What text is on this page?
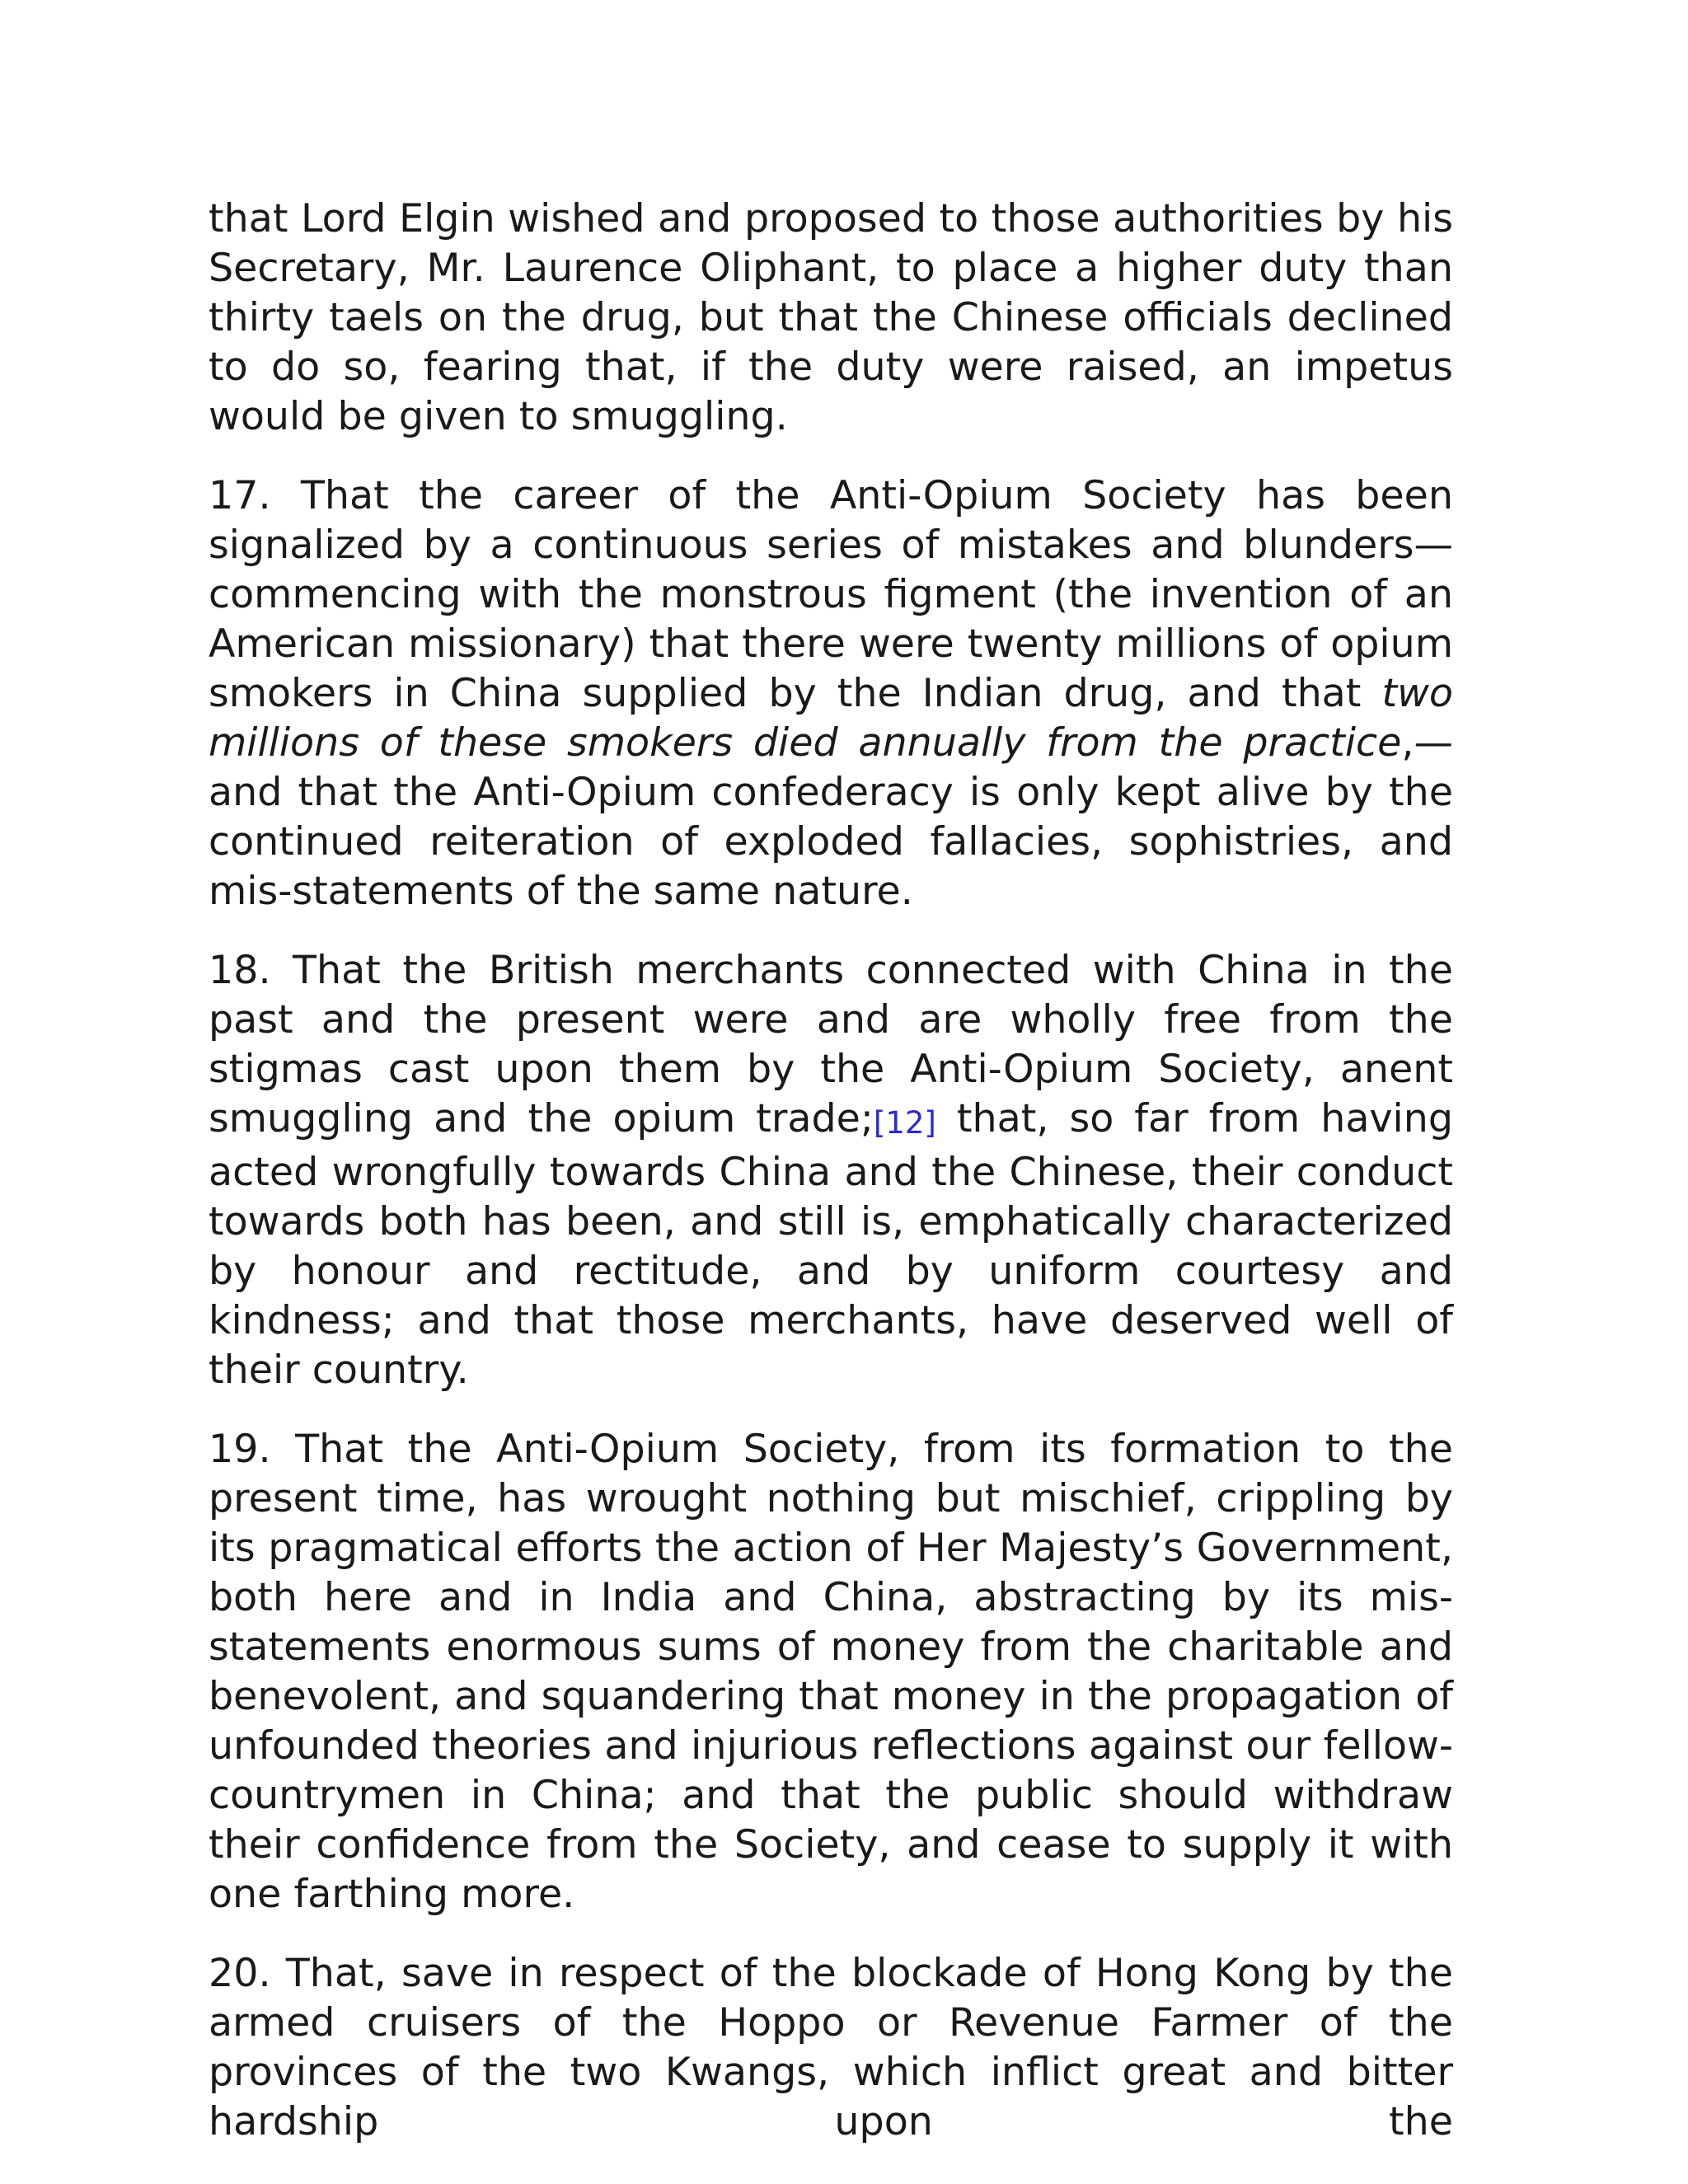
that Lord Elgin wished and proposed to those authorities by his Secretary, Mr. Laurence Oliphant, to place a higher duty than thirty taels on the drug, but that the Chinese officials declined to do so, fearing that, if the duty were raised, an impetus would be given to smuggling.

17. That the career of the Anti-Opium Society has been signalized by a continuous series of mistakes and blunders—commencing with the monstrous figment (the invention of an American missionary) that there were twenty millions of opium smokers in China supplied by the Indian drug, and that two millions of these smokers died annually from the practice,—and that the Anti-Opium confederacy is only kept alive by the continued reiteration of exploded fallacies, sophistries, and mis-statements of the same nature.

18. That the British merchants connected with China in the past and the present were and are wholly free from the stigmas cast upon them by the Anti-Opium Society, anent smuggling and the opium trade;[12] that, so far from having acted wrongfully towards China and the Chinese, their conduct towards both has been, and still is, emphatically characterized by honour and rectitude, and by uniform courtesy and kindness; and that those merchants, have deserved well of their country.

19. That the Anti-Opium Society, from its formation to the present time, has wrought nothing but mischief, crippling by its pragmatical efforts the action of Her Majesty’s Government, both here and in India and China, abstracting by its mis-statements enormous sums of money from the charitable and benevolent, and squandering that money in the propagation of unfounded theories and injurious reflections against our fellow-countrymen in China; and that the public should withdraw their confidence from the Society, and cease to supply it with one farthing more.

20. That, save in respect of the blockade of Hong Kong by the armed cruisers of the Hoppo or Revenue Farmer of the provinces of the two Kwangs, which inflict great and bitter hardship upon the
